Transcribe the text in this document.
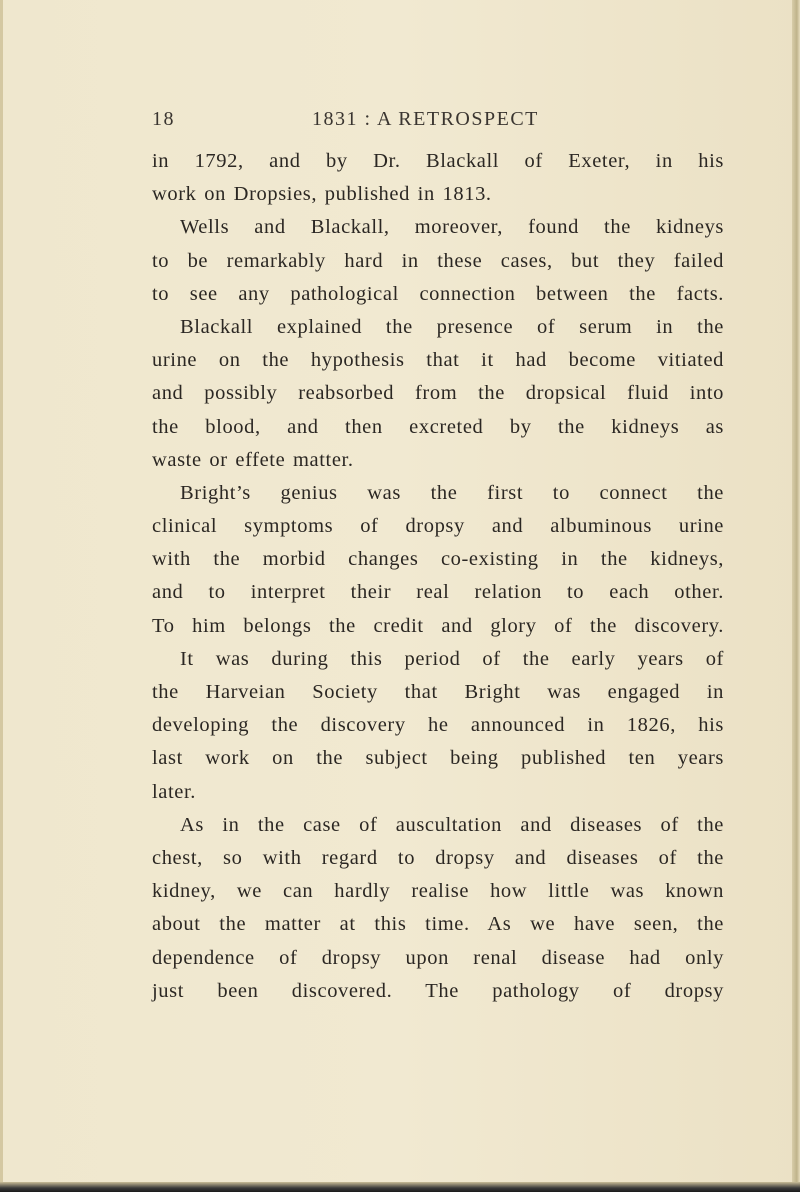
18	1831 : A RETROSPECT
in 1792, and by Dr. Blackall of Exeter, in his
work on Dropsies, published in 1813.
Wells and Blackall, moreover, found the kidneys
to be remarkably hard in these cases, but they failed
to see any pathological connection between the facts.
Blackall explained the presence of serum in the
urine on the hypothesis that it had become vitiated
and possibly reabsorbed from the dropsical fluid into
the blood, and then excreted by the kidneys as
waste or effete matter.
Bright’s genius was the first to connect the
clinical symptoms of dropsy and albuminous urine
with the morbid changes co-existing in the kidneys,
and to interpret their real relation to each other.
To him belongs the credit and glory of the discovery.
It was during this period of the early years of
the Harveian Society that Bright was engaged in
developing the discovery he announced in 1826, his
last work on the subject being published ten years
later.
As in the case of auscultation and diseases of the
chest, so with regard to dropsy and diseases of the
kidney, we can hardly realise how little was known
about the matter at this time. As we have seen, the
dependence of dropsy upon renal disease had only
just been discovered. The pathology of dropsy
